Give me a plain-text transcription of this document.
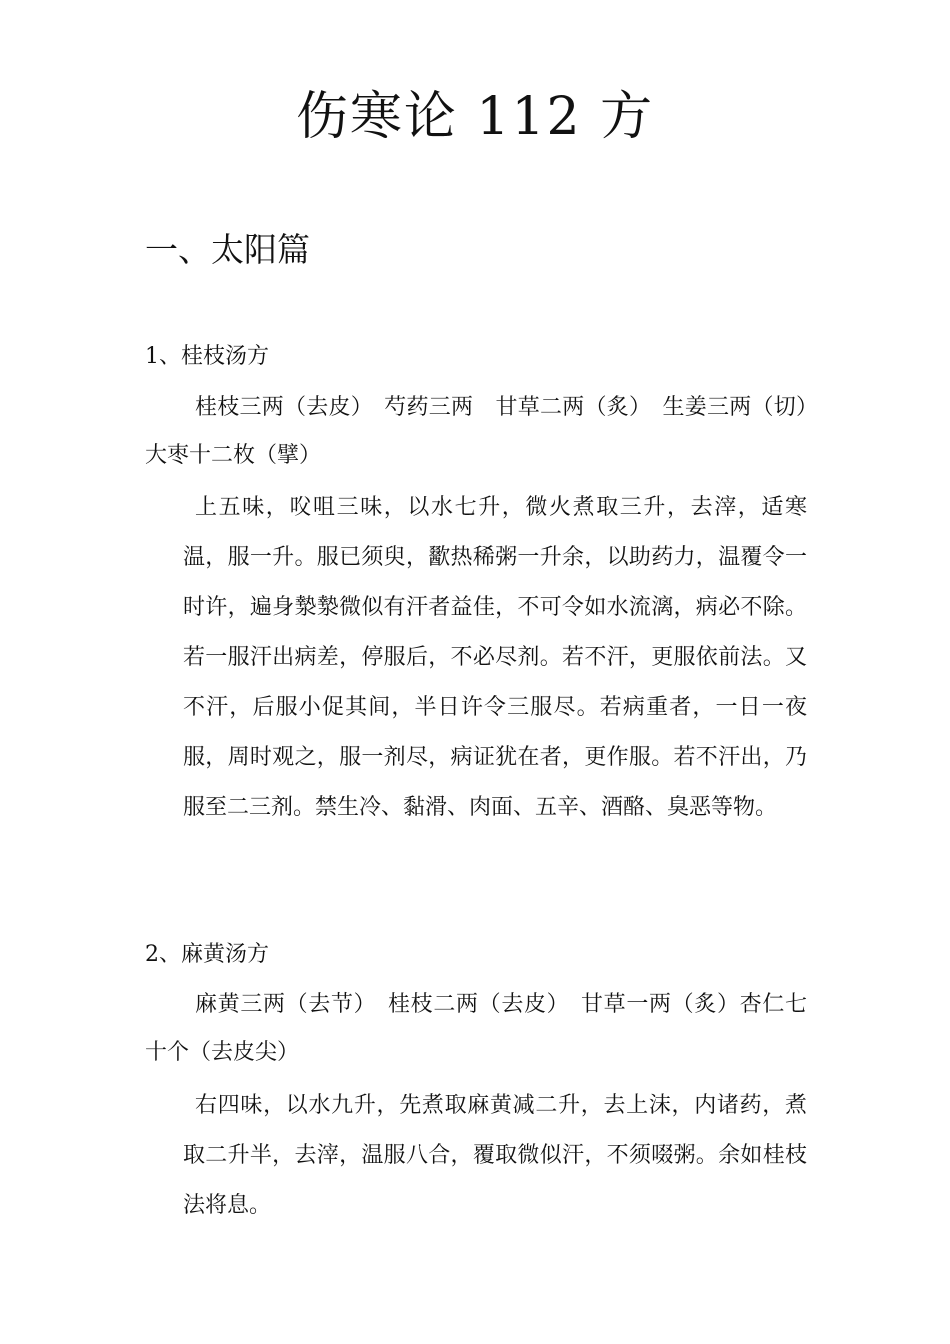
伤寒论 112 方
一、太阳篇
1、桂枝汤方

桂枝三两（去皮）　芍药三两　甘草二两（炙）　生姜三两（切）　大枣十二枚（擘）

上五味，㕮咀三味，以水七升，微火煮取三升，去滓，适寒温，服一升。服已须臾，歠热稀粥一升余，以助药力，温覆令一时许，遍身漐漐微似有汗者益佳，不可令如水流漓，病必不除。若一服汗出病差，停服后，不必尽剂。若不汗，更服依前法。又不汗，后服小促其间，半日许令三服尽。若病重者，一日一夜服，周时观之，服一剂尽，病证犹在者，更作服。若不汗出，乃服至二三剂。禁生冷、黏滑、肉面、五辛、酒酪、臭恶等物。

2、麻黄汤方

麻黄三两（去节）　桂枝二两（去皮）　甘草一两（炙）杏仁七十个（去皮尖）

右四味，以水九升，先煮取麻黄减二升，去上沫，内诸药，煮取二升半，去滓，温服八合，覆取微似汗，不须啜粥。余如桂枝法将息。
